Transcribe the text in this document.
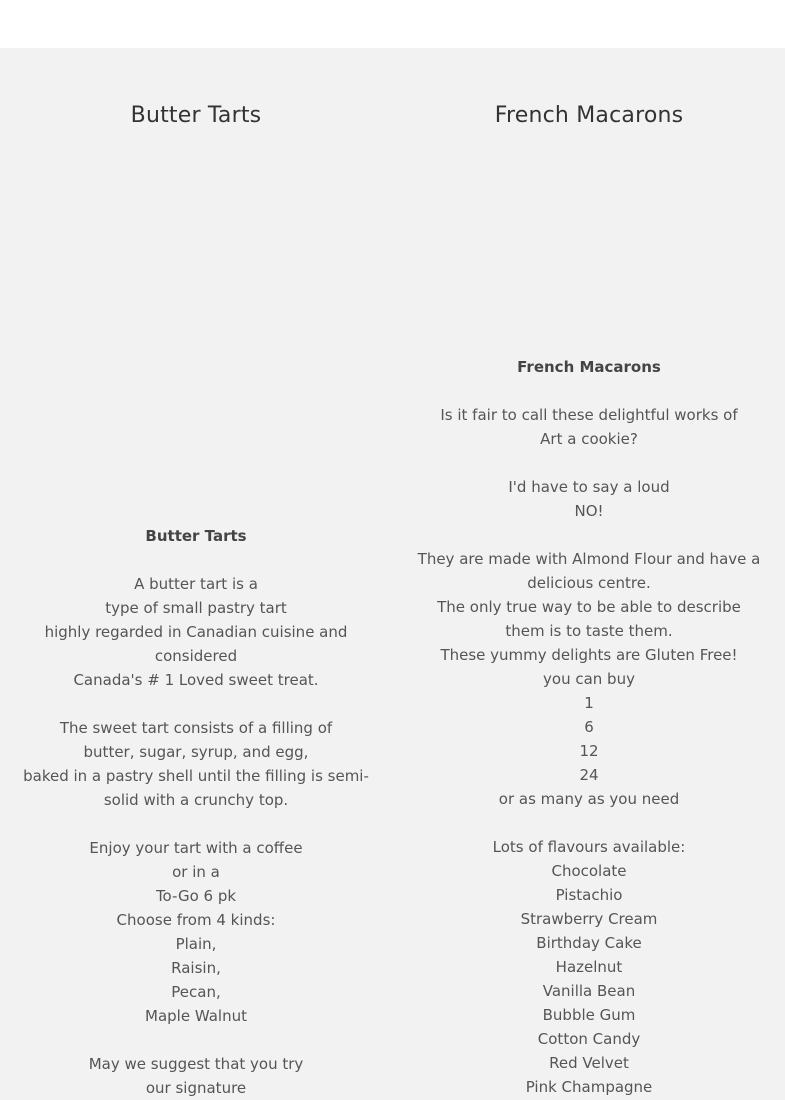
Butter Tarts

Butter Tarts

A butter tart is a

type of small pastry tart

highly regarded in Canadian cuisine and

considered

Canada's # 1 Loved sweet treat.

The sweet tart consists of a filling of

butter, sugar, syrup, and egg,

baked in a pastry shell until the filling is semi-

solid with a crunchy top.

Enjoy your tart with a coffee

or in a

To-Go 6 pk

Choose from 4 kinds:

Plain,

Raisin,

Pecan,

Maple Walnut

May we suggest that you try

our signature

French Macarons

French Macarons

Is it fair to call these delightful works of

Art a cookie?

I'd have to say a loud

NO!

They are made with Almond Flour and have a

delicious centre.

The only true way to be able to describe

them is to taste them.

These yummy delights are Gluten Free!

you can buy

1

6

12

24

or as many as you need

Lots of flavours available:

Chocolate

Pistachio

Strawberry Cream

Birthday Cake

Hazelnut

Vanilla Bean

Bubble Gum

Cotton Candy

Red Velvet

Pink Champagne
